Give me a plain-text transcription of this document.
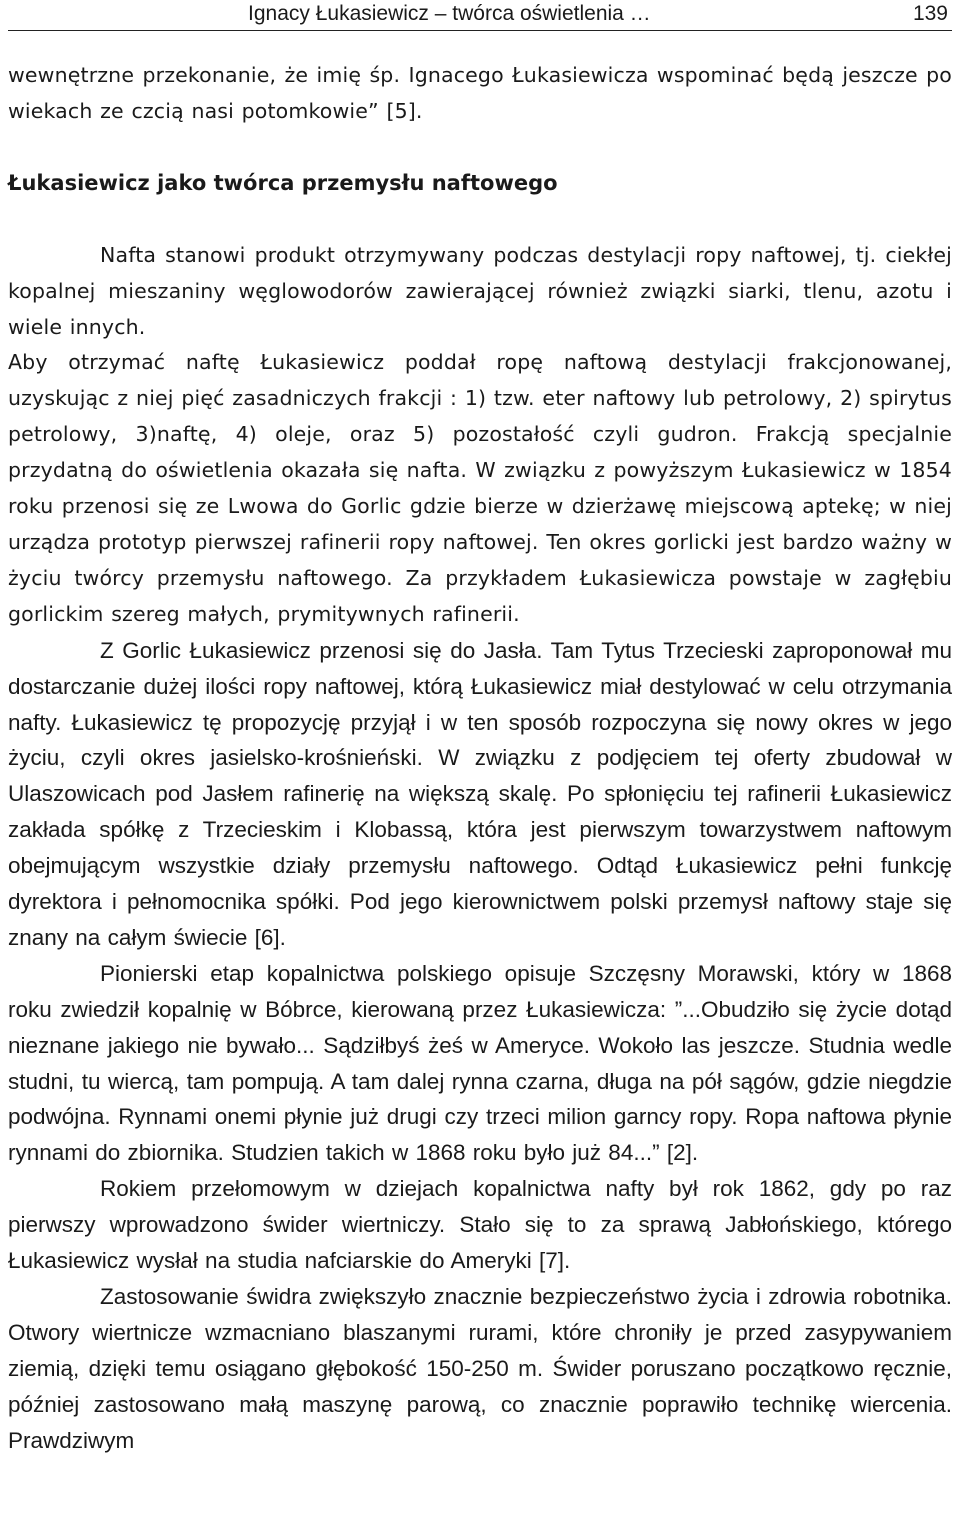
Ignacy Łukasiewicz – twórca oświetlenia …	139

wewnętrzne przekonanie, że imię śp. Ignacego Łukasiewicza wspominać będą jeszcze po wiekach ze czcią nasi potomkowie” [5].

Łukasiewicz jako twórca przemysłu naftowego

Nafta stanowi produkt otrzymywany podczas destylacji ropy naftowej, tj. ciekłej kopalnej mieszaniny węglowodorów zawierającej również związki siarki, tlenu, azotu i wiele innych.

Aby otrzymać naftę Łukasiewicz poddał ropę naftową destylacji frakcjonowanej, uzyskując z niej pięć zasadniczych frakcji : 1) tzw. eter naftowy lub petrolowy, 2) spirytus petrolowy, 3)naftę, 4) oleje, oraz 5) pozostałość czyli gudron. Frakcją specjalnie przydatną do oświetlenia okazała się nafta. W związku z powyższym Łukasiewicz w 1854 roku przenosi się ze Lwowa do Gorlic gdzie bierze w dzierżawę miejscową aptekę; w niej urządza prototyp pierwszej rafinerii ropy naftowej. Ten okres gorlicki jest bardzo ważny w życiu twórcy przemysłu naftowego. Za przykładem Łukasiewicza powstaje w zagłębiu gorlickim szereg małych, prymitywnych rafinerii.

Z Gorlic Łukasiewicz przenosi się do Jasła. Tam Tytus Trzecieski zaproponował mu dostarczanie dużej ilości ropy naftowej, którą Łukasiewicz miał destylować w celu otrzymania nafty. Łukasiewicz tę propozycję przyjął i w ten sposób rozpoczyna się nowy okres w jego życiu, czyli okres jasielsko-krośnieński. W związku z podjęciem tej oferty zbudował w Ulaszowicach pod Jasłem rafinerię na większą skalę. Po spłonięciu tej rafinerii Łukasiewicz zakłada spółkę z Trzecieskim i Klobassą, która jest pierwszym towarzystwem naftowym obejmującym wszystkie działy przemysłu naftowego. Odtąd Łukasiewicz pełni funkcję dyrektora i pełnomocnika spółki. Pod jego kierownictwem polski przemysł naftowy staje się znany na całym świecie [6].

Pionierski etap kopalnictwa polskiego opisuje Szczęsny Morawski, który w 1868 roku zwiedził kopalnię w Bóbrce, kierowaną przez Łukasiewicza: ”...Obudziło się życie dotąd nieznane jakiego nie bywało... Sądziłbyś żeś w Ameryce. Wokoło las jeszcze. Studnia wedle studni, tu wiercą, tam pompują. A tam dalej rynna czarna, długa na pół sągów, gdzie niegdzie podwójna. Rynnami onemi płynie już drugi czy trzeci milion garncy ropy. Ropa naftowa płynie rynnami do zbiornika. Studzien takich w 1868 roku było już 84...” [2].

Rokiem przełomowym w dziejach kopalnictwa nafty był rok 1862, gdy po raz pierwszy wprowadzono świder wiertniczy. Stało się to za sprawą Jabłońskiego, którego Łukasiewicz wysłał na studia nafciarskie do Ameryki [7].

Zastosowanie świdra zwiększyło znacznie bezpieczeństwo życia i zdrowia robotnika. Otwory wiertnicze wzmacniano blaszanymi rurami, które chroniły je przed zasypywaniem ziemią, dzięki temu osiągano głębokość 150-250 m. Świder poruszano początkowo ręcznie, później zastosowano małą maszynę parową, co znacznie poprawiło technikę wiercenia. Prawdziwym
